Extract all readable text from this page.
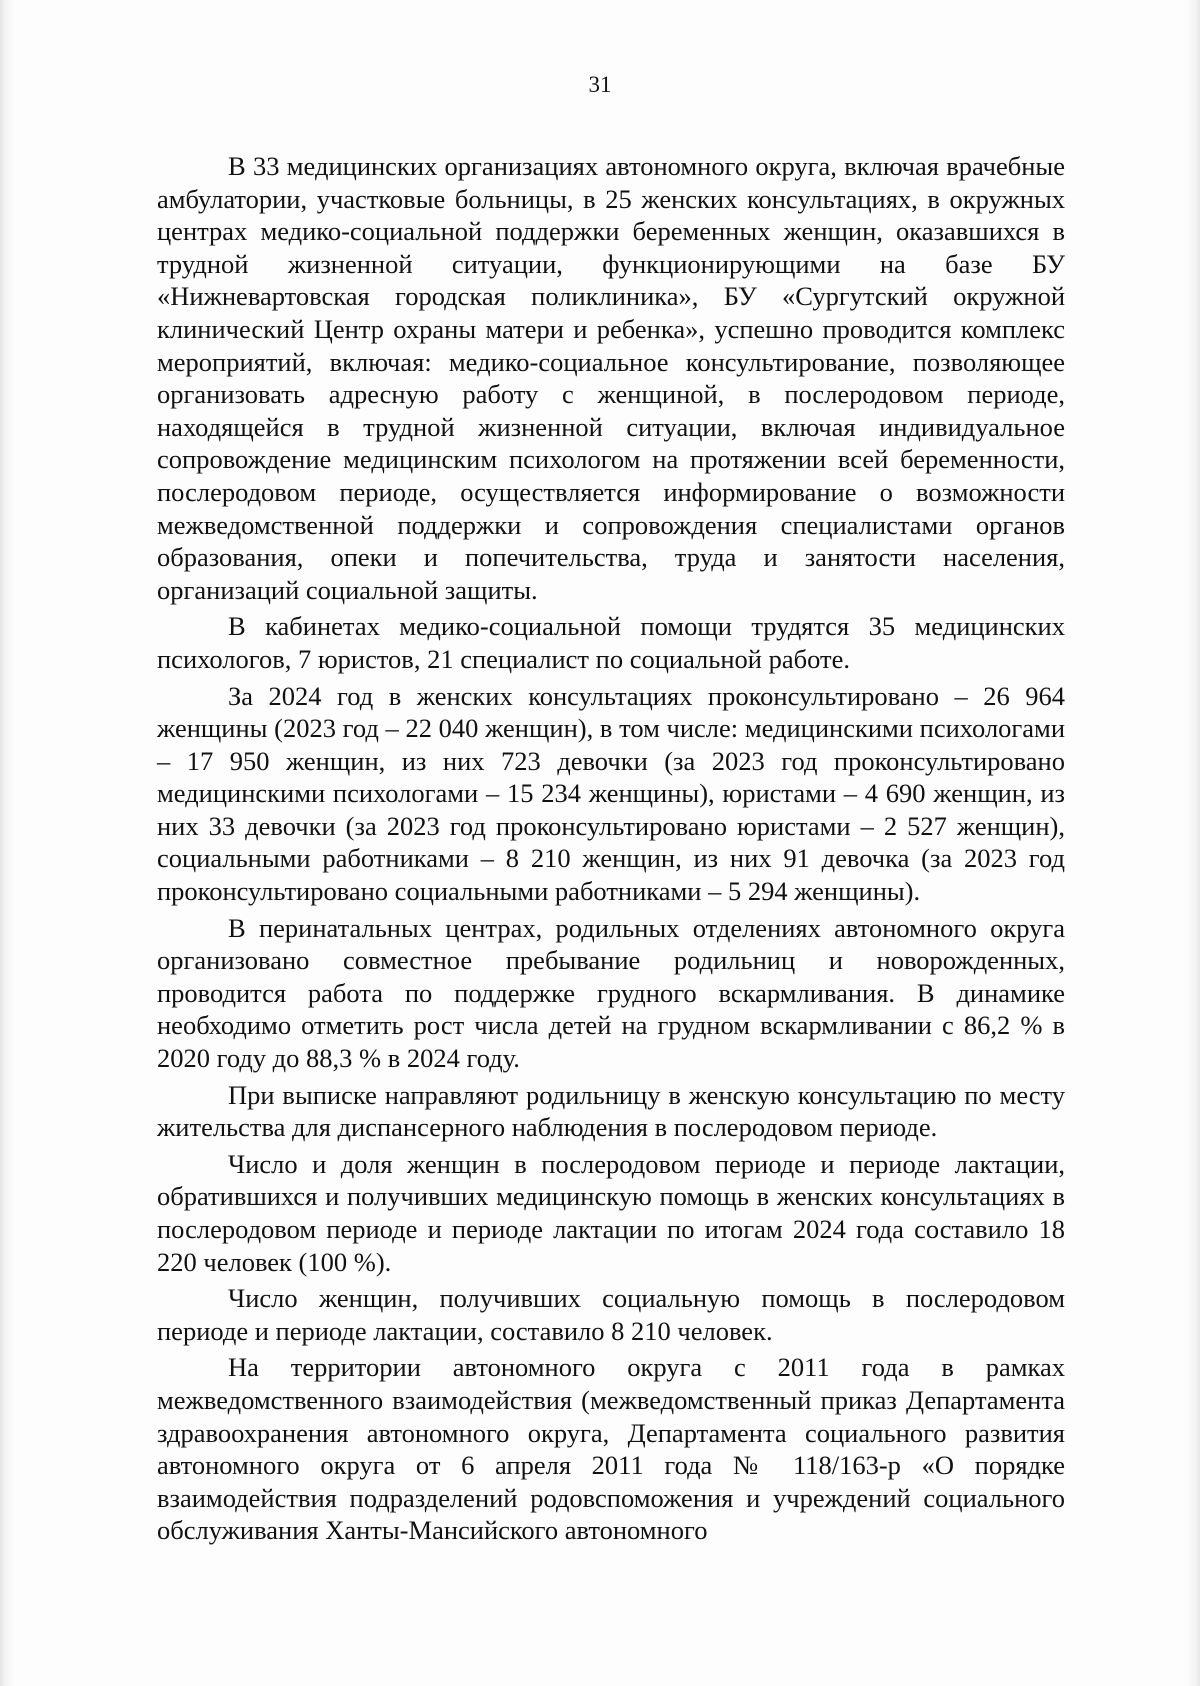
31

В 33 медицинских организациях автономного округа, включая врачебные амбулатории, участковые больницы, в 25 женских консультациях, в окружных центрах медико-социальной поддержки беременных женщин, оказавшихся в трудной жизненной ситуации, функционирующими на базе БУ «Нижневартовская городская поликлиника», БУ «Сургутский окружной клинический Центр охраны матери и ребенка», успешно проводится комплекс мероприятий, включая: медико-социальное консультирование, позволяющее организовать адресную работу с женщиной, в послеродовом периоде, находящейся в трудной жизненной ситуации, включая индивидуальное сопровождение медицинским психологом на протяжении всей беременности, послеродовом периоде, осуществляется информирование о возможности межведомственной поддержки и сопровождения специалистами органов образования, опеки и попечительства, труда и занятости населения, организаций социальной защиты.

В кабинетах медико-социальной помощи трудятся 35 медицинских психологов, 7 юристов, 21 специалист по социальной работе.

За 2024 год в женских консультациях проконсультировано – 26 964 женщины (2023 год – 22 040 женщин), в том числе: медицинскими психологами – 17 950 женщин, из них 723 девочки (за 2023 год проконсультировано медицинскими психологами – 15 234 женщины), юристами – 4 690 женщин, из них 33 девочки (за 2023 год проконсультировано юристами – 2 527 женщин), социальными работниками – 8 210 женщин, из них 91 девочка (за 2023 год проконсультировано социальными работниками – 5 294 женщины).

В перинатальных центрах, родильных отделениях автономного округа организовано совместное пребывание родильниц и новорожденных, проводится работа по поддержке грудного вскармливания. В динамике необходимо отметить рост числа детей на грудном вскармливании с 86,2 % в 2020 году до 88,3 % в 2024 году.

При выписке направляют родильницу в женскую консультацию по месту жительства для диспансерного наблюдения в послеродовом периоде.

Число и доля женщин в послеродовом периоде и периоде лактации, обратившихся и получивших медицинскую помощь в женских консультациях в послеродовом периоде и периоде лактации по итогам 2024 года составило 18 220 человек (100 %).

Число женщин, получивших социальную помощь в послеродовом периоде и периоде лактации, составило 8 210 человек.

На территории автономного округа с 2011 года в рамках межведомственного взаимодействия (межведомственный приказ Департамента здравоохранения автономного округа, Департамента социального развития автономного округа от 6 апреля 2011 года № 118/163-р «О порядке взаимодействия подразделений родовспоможения и учреждений социального обслуживания Ханты-Мансийского автономного
